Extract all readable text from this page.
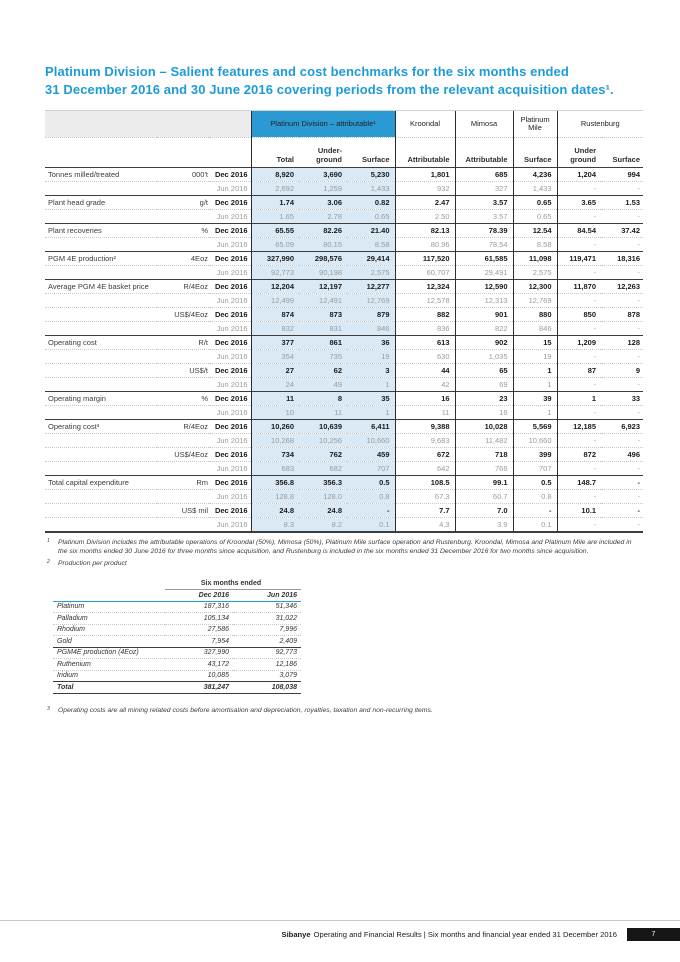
Platinum Division – Salient features and cost benchmarks for the six months ended
31 December 2016 and 30 June 2016 covering periods from the relevant acquisition dates¹.
			Platinum Division – attributable¹			Kroondal	Mimosa	Platinum Mile	Rustenburg	
			Total	Under-ground	Surface	Attributable	Attributable	Surface	Under ground	Surface
Tonnes milled/treated	000't	Dec 2016	8,920	3,690	5,230	1,801	685	4,236	1,204	994
		Jun 2016	2,692	1,259	1,433	932	327	1,433	-	-
Plant head grade	g/t	Dec 2016	1.74	3.06	0.82	2.47	3.57	0.65	3.65	1.53
		Jun 2016	1.65	2.78	0.65	2.50	3.57	0.65	-	-
Plant recoveries	%	Dec 2016	65.55	82.26	21.40	82.13	78.39	12.54	84.54	37.42
		Jun 2016	65.09	80.15	8.58	80.96	78.54	8.58	-	-
PGM 4E production²	4Eoz	Dec 2016	327,990	298,576	29,414	117,520	61,585	11,098	119,471	18,316
		Jun 2016	92,773	90,198	2,575	60,707	29,491	2,575	-	-
Average PGM 4E basket price	R/4Eoz	Dec 2016	12,204	12,197	12,277	12,324	12,590	12,300	11,870	12,263
		Jun 2016	12,499	12,491	12,769	12,578	12,313	12,769	-	-
	US$/4Eoz	Dec 2016	874	873	879	882	901	880	850	878
		Jun 2016	832	831	846	836	822	846	-	-
Operating cost	R/t	Dec 2016	377	861	36	613	902	15	1,209	128
		Jun 2016	354	735	19	630	1,035	19	-	-
	US$/t	Dec 2016	27	62	3	44	65	1	87	9
		Jun 2016	24	49	1	42	69	1	-	-
Operating margin	%	Dec 2016	11	8	35	16	23	39	1	33
		Jun 2016	10	11	1	11	16	1	-	-
Operating cost³	R/4Eoz	Dec 2016	10,260	10,639	6,411	9,388	10,028	5,569	12,185	6,923
		Jun 2016	10,268	10,256	10,660	9,683	11,482	10,660	-	-
	US$/4Eoz	Dec 2016	734	762	459	672	718	399	872	496
		Jun 2016	683	682	707	642	766	707	-	-
Total capital expenditure	Rm	Dec 2016	356.8	356.3	0.5	108.5	99.1	0.5	148.7	-
		Jun 2016	128.8	128.0	0.8	67.3	60.7	0.8	-	-
	US$ mil	Dec 2016	24.8	24.8	-	7.7	7.0	-	10.1	-
		Jun 2016	8.3	8.2	0.1	4.3	3.9	0.1	-	-
1 Platinum Division includes the attributable operations of Kroondal (50%), Mimosa (50%), Platinum Mile surface operation and Rustenburg. Kroondal, Mimosa and Platinum Mile are included in the six months ended 30 June 2016 for three months since acquisition, and Rustenburg is included in the six months ended 31 December 2016 for two months since acquisition.
2 Production per product
	Six months ended	
	Dec 2016	Jun 2016
Platinum	187,316	51,346
Palladium	105,134	31,022
Rhodium	27,586	7,996
Gold	7,954	2,409
PGM4E production (4Eoz)	327,990	92,773
Ruthenium	43,172	12,186
Iridium	10,085	3,079
Total	381,247	108,038
3 Operating costs are all mining related costs before amortisation and depreciation, royalties, taxation and non-recurring items.
Sibanye Operating and Financial Results | Six months and financial year ended 31 December 2016	7
